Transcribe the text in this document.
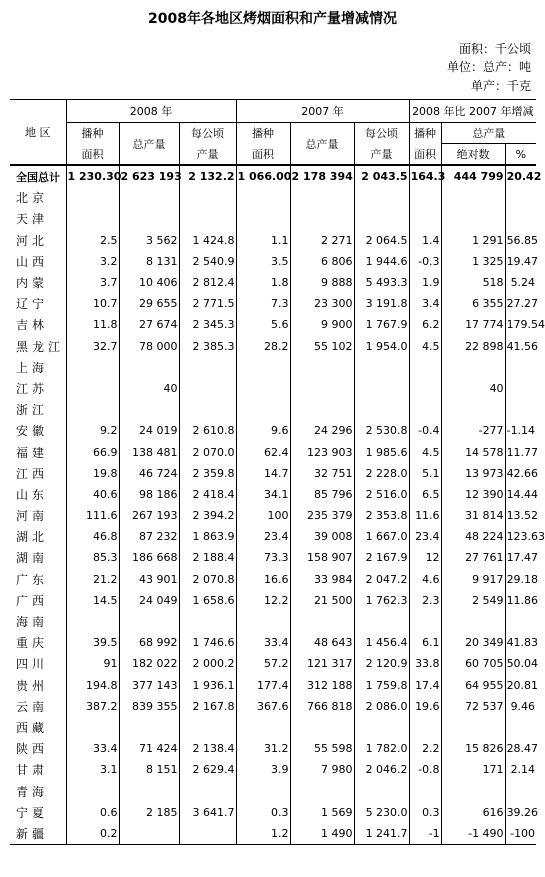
2008年各地区烤烟面积和产量增减情况
面积：千公顷
单位：总产：吨
单产：千克
地 区	2008 年			2007 年			2008 年比 2007 年增减		
	播种	总产量	每公顷	播种	总产量	每公顷	播种	总产量	
	面积		产量	面积		产量	面积	绝对数	%
全国总计	1 230.30	2 623 193	2 132.2	1 066.00	2 178 394	2 043.5	164.3	444 799	20.42
北京									
天津									
河北	2.5	3 562	1 424.8	1.1	2 271	2 064.5	1.4	1 291	56.85
山西	3.2	8 131	2 540.9	3.5	6 806	1 944.6	-0.3	1 325	19.47
内蒙	3.7	10 406	2 812.4	1.8	9 888	5 493.3	1.9	518	5.24
辽宁	10.7	29 655	2 771.5	7.3	23 300	3 191.8	3.4	6 355	27.27
吉林	11.8	27 674	2 345.3	5.6	9 900	1 767.9	6.2	17 774	179.54
黑龙江	32.7	78 000	2 385.3	28.2	55 102	1 954.0	4.5	22 898	41.56
上海									
江苏		40						40	
浙江									
安徽	9.2	24 019	2 610.8	9.6	24 296	2 530.8	-0.4	-277	-1.14
福建	66.9	138 481	2 070.0	62.4	123 903	1 985.6	4.5	14 578	11.77
江西	19.8	46 724	2 359.8	14.7	32 751	2 228.0	5.1	13 973	42.66
山东	40.6	98 186	2 418.4	34.1	85 796	2 516.0	6.5	12 390	14.44
河南	111.6	267 193	2 394.2	100	235 379	2 353.8	11.6	31 814	13.52
湖北	46.8	87 232	1 863.9	23.4	39 008	1 667.0	23.4	48 224	123.63
湖南	85.3	186 668	2 188.4	73.3	158 907	2 167.9	12	27 761	17.47
广东	21.2	43 901	2 070.8	16.6	33 984	2 047.2	4.6	9 917	29.18
广西	14.5	24 049	1 658.6	12.2	21 500	1 762.3	2.3	2 549	11.86
海南									
重庆	39.5	68 992	1 746.6	33.4	48 643	1 456.4	6.1	20 349	41.83
四川	91	182 022	2 000.2	57.2	121 317	2 120.9	33.8	60 705	50.04
贵州	194.8	377 143	1 936.1	177.4	312 188	1 759.8	17.4	64 955	20.81
云南	387.2	839 355	2 167.8	367.6	766 818	2 086.0	19.6	72 537	9.46
西藏									
陕西	33.4	71 424	2 138.4	31.2	55 598	1 782.0	2.2	15 826	28.47
甘肃	3.1	8 151	2 629.4	3.9	7 980	2 046.2	-0.8	171	2.14
青海									
宁夏	0.6	2 185	3 641.7	0.3	1 569	5 230.0	0.3	616	39.26
新疆	0.2			1.2	1 490	1 241.7	-1	-1 490	-100
